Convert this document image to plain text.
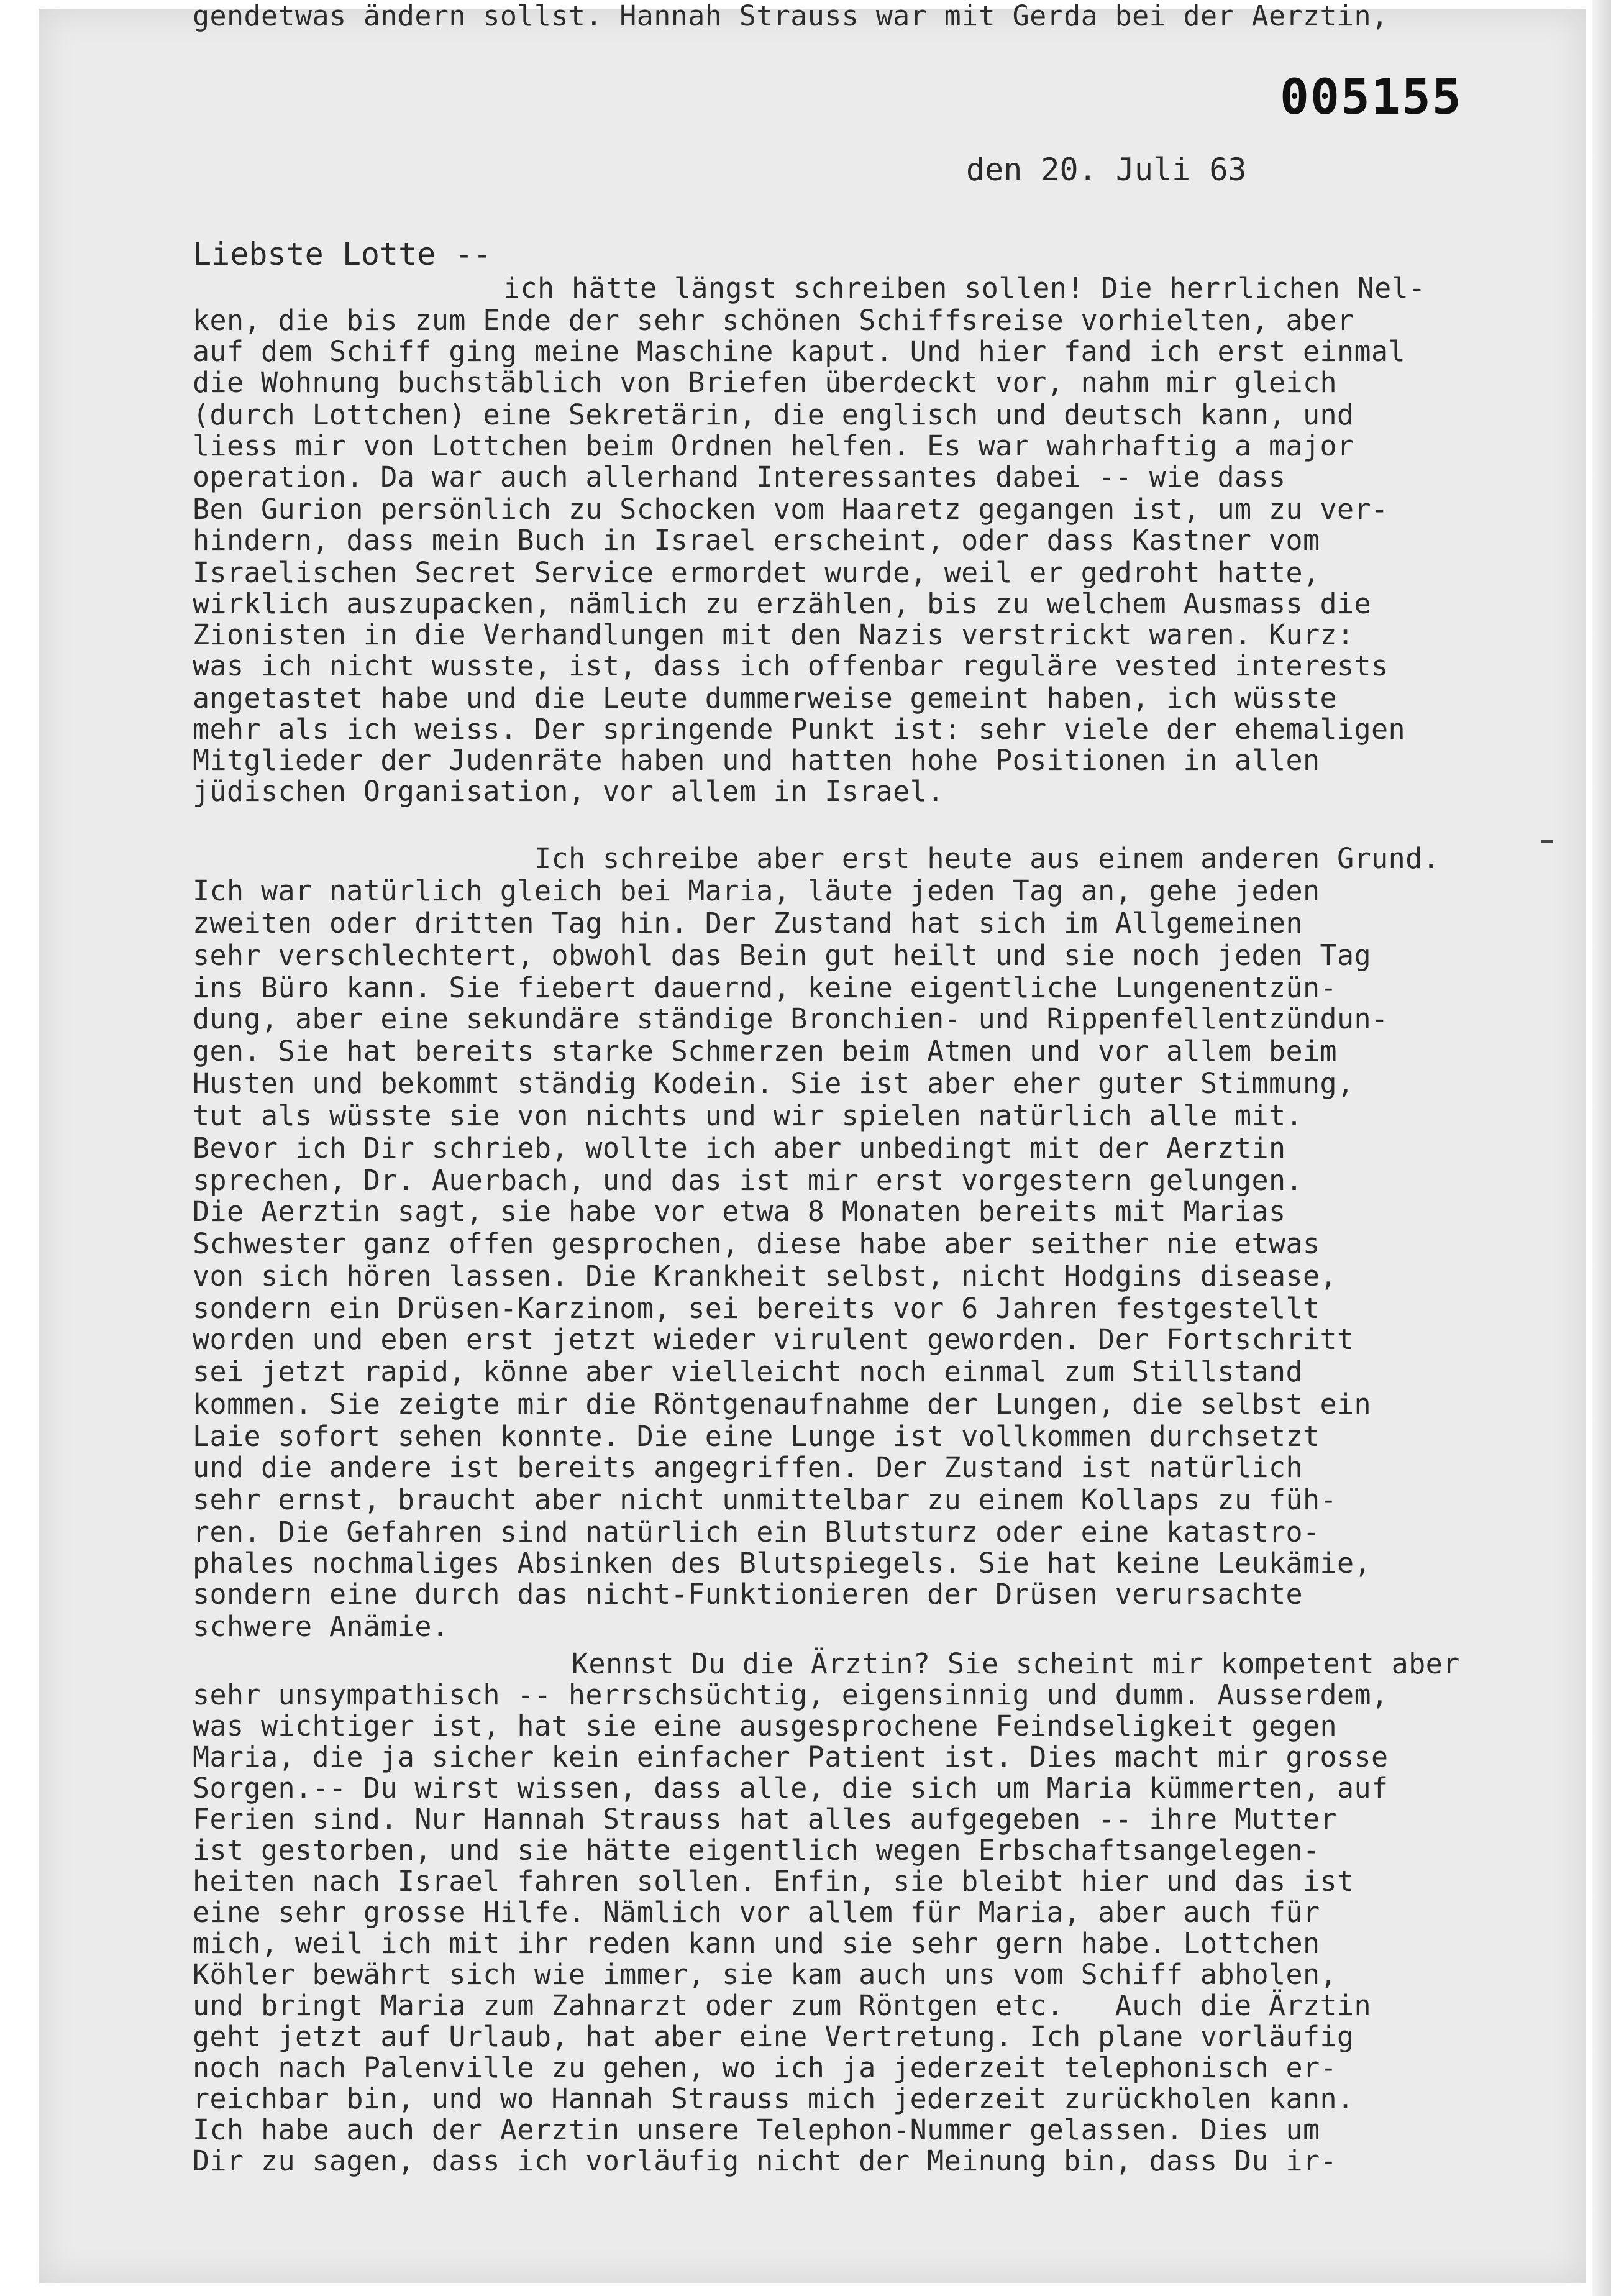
005155
den 20. Juli 63
Liebste Lotte --
ich hätte längst schreiben sollen! Die herrlichen Nel-
ken, die bis zum Ende der sehr schönen Schiffsreise vorhielten, aber
auf dem Schiff ging meine Maschine kaput. Und hier fand ich erst einmal
die Wohnung buchstäblich von Briefen überdeckt vor, nahm mir gleich
(durch Lottchen) eine Sekretärin, die englisch und deutsch kann, und
liess mir von Lottchen beim Ordnen helfen. Es war wahrhaftig a major
operation. Da war auch allerhand Interessantes dabei -- wie dass
Ben Gurion persönlich zu Schocken vom Haaretz gegangen ist, um zu ver-
hindern, dass mein Buch in Israel erscheint, oder dass Kastner vom
Israelischen Secret Service ermordet wurde, weil er gedroht hatte,
wirklich auszupacken, nämlich zu erzählen, bis zu welchem Ausmass die
Zionisten in die Verhandlungen mit den Nazis verstrickt waren. Kurz:
was ich nicht wusste, ist, dass ich offenbar reguläre vested interests
angetastet habe und die Leute dummerweise gemeint haben, ich wüsste
mehr als ich weiss. Der springende Punkt ist: sehr viele der ehemaligen
Mitglieder der Judenräte haben und hatten hohe Positionen in allen
jüdischen Organisation, vor allem in Israel.
Ich schreibe aber erst heute aus einem anderen Grund.
Ich war natürlich gleich bei Maria, läute jeden Tag an, gehe jeden
zweiten oder dritten Tag hin. Der Zustand hat sich im Allgemeinen
sehr verschlechtert, obwohl das Bein gut heilt und sie noch jeden Tag
ins Büro kann. Sie fiebert dauernd, keine eigentliche Lungenentzün-
dung, aber eine sekundäre ständige Bronchien- und Rippenfellentzündun-
gen. Sie hat bereits starke Schmerzen beim Atmen und vor allem beim
Husten und bekommt ständig Kodein. Sie ist aber eher guter Stimmung,
tut als wüsste sie von nichts und wir spielen natürlich alle mit.
Bevor ich Dir schrieb, wollte ich aber unbedingt mit der Aerztin
sprechen, Dr. Auerbach, und das ist mir erst vorgestern gelungen.
Die Aerztin sagt, sie habe vor etwa 8 Monaten bereits mit Marias
Schwester ganz offen gesprochen, diese habe aber seither nie etwas
von sich hören lassen. Die Krankheit selbst, nicht Hodgins disease,
sondern ein Drüsen-Karzinom, sei bereits vor 6 Jahren festgestellt
worden und eben erst jetzt wieder virulent geworden. Der Fortschritt
sei jetzt rapid, könne aber vielleicht noch einmal zum Stillstand
kommen. Sie zeigte mir die Röntgenaufnahme der Lungen, die selbst ein
Laie sofort sehen konnte. Die eine Lunge ist vollkommen durchsetzt
und die andere ist bereits angegriffen. Der Zustand ist natürlich
sehr ernst, braucht aber nicht unmittelbar zu einem Kollaps zu füh-
ren. Die Gefahren sind natürlich ein Blutsturz oder eine katastro-
phales nochmaliges Absinken des Blutspiegels. Sie hat keine Leukämie,
sondern eine durch das nicht-Funktionieren der Drüsen verursachte
schwere Anämie.
Kennst Du die Ärztin? Sie scheint mir kompetent aber
sehr unsympathisch -- herrschsüchtig, eigensinnig und dumm. Ausserdem,
was wichtiger ist, hat sie eine ausgesprochene Feindseligkeit gegen
Maria, die ja sicher kein einfacher Patient ist. Dies macht mir grosse
Sorgen.-- Du wirst wissen, dass alle, die sich um Maria kümmerten, auf
Ferien sind. Nur Hannah Strauss hat alles aufgegeben -- ihre Mutter
ist gestorben, und sie hätte eigentlich wegen Erbschaftsangelegen-
heiten nach Israel fahren sollen. Enfin, sie bleibt hier und das ist
eine sehr grosse Hilfe. Nämlich vor allem für Maria, aber auch für
mich, weil ich mit ihr reden kann und sie sehr gern habe. Lottchen
Köhler bewährt sich wie immer, sie kam auch uns vom Schiff abholen,
und bringt Maria zum Zahnarzt oder zum Röntgen etc.   Auch die Ärztin
geht jetzt auf Urlaub, hat aber eine Vertretung. Ich plane vorläufig
noch nach Palenville zu gehen, wo ich ja jederzeit telephonisch er-
reichbar bin, und wo Hannah Strauss mich jederzeit zurückholen kann.
Ich habe auch der Aerztin unsere Telephon-Nummer gelassen. Dies um
Dir zu sagen, dass ich vorläufig nicht der Meinung bin, dass Du ir-
gendetwas ändern sollst. Hannah Strauss war mit Gerda bei der Aerztin,
